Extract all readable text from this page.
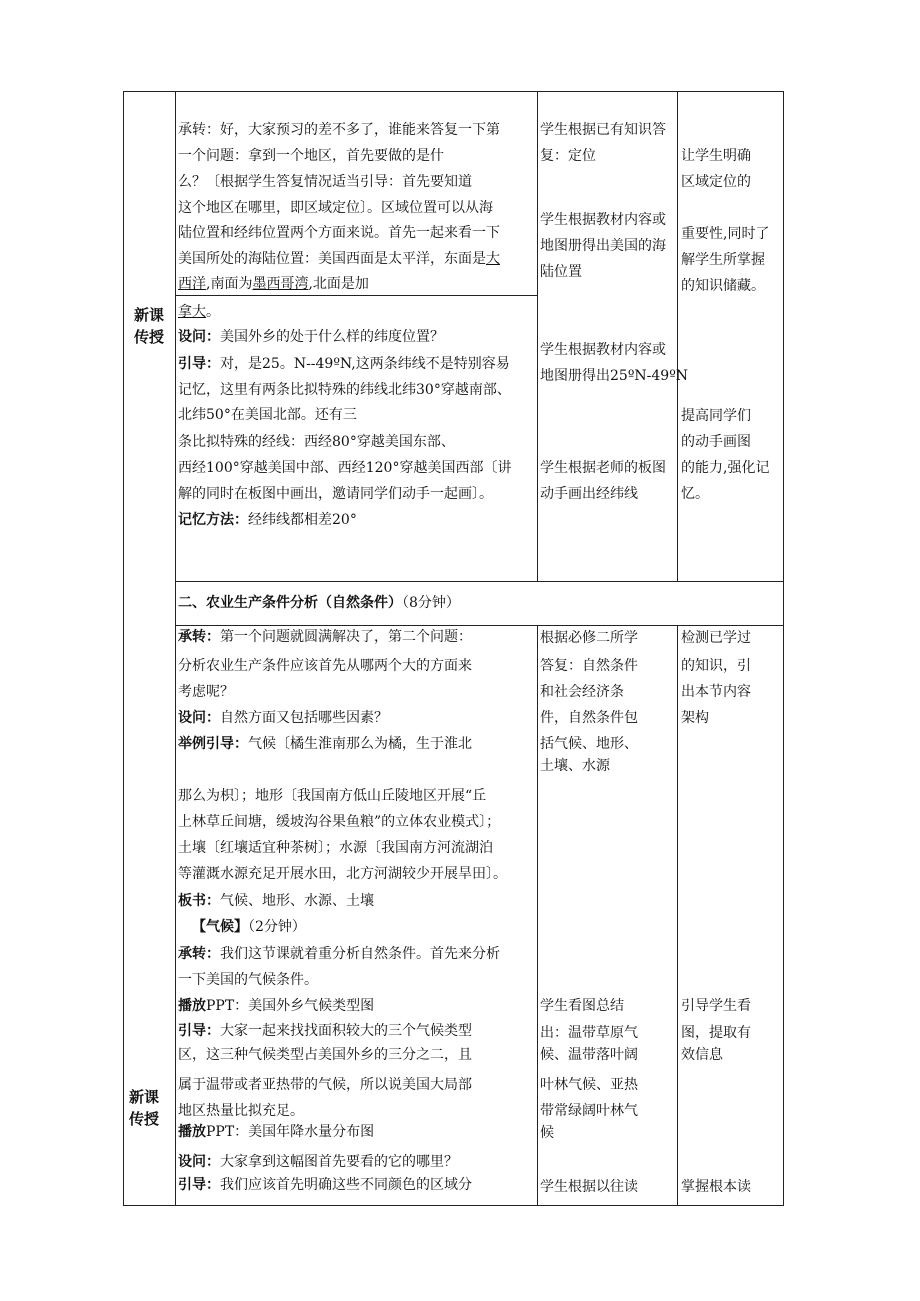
新课传授
新课传授
承转：好，大家预习的差不多了，谁能来答复一下第
一个问题：拿到一个地区，首先要做的是什
么？〔根据学生答复情况适当引导：首先要知道
这个地区在哪里，即区域定位〕。区域位置可以从海
陆位置和经纬位置两个方面来说。首先一起来看一下
美国所处的海陆位置：美国西面是太平洋，东面是大
西洋,南面为墨西哥湾,北面是加
拿大。
设问：美国外乡的处于什么样的纬度位置？
引导：对，是25。N--49ºN,这两条纬线不是特别容易
记忆，这里有两条比拟特殊的纬线北纬30°穿越南部、
北纬50°在美国北部。还有三
条比拟特殊的经线：西经80°穿越美国东部、
西经100°穿越美国中部、西经120°穿越美国西部〔讲
解的同时在板图中画出，邀请同学们动手一起画〕。
记忆方法：经纬线都相差20°
学生根据已有知识答
复：定位
学生根据教材内容或
地图册得出美国的海
陆位置
学生根据教材内容或
地图册得出25ºN-49ºN
学生根据老师的板图
动手画出经纬线
让学生明确
区域定位的
重要性,同时了
解学生所掌握
的知识储藏。
提高同学们
的动手画图
的能力,强化记
忆。
二、农业生产条件分析（自然条件）（8分钟）
承转：第一个问题就圆满解决了，第二个问题：
分析农业生产条件应该首先从哪两个大的方面来
考虑呢？
设问：自然方面又包括哪些因素？
举例引导：气候〔橘生淮南那么为橘，生于淮北
那么为枳〕；地形〔我国南方低山丘陵地区开展“丘
上林草丘间塘，缓坡沟谷果鱼粮”的立体农业模式〕；
土壤〔红壤适宜种茶树〕；水源〔我国南方河流湖泊
等灌溉水源充足开展水田，北方河湖较少开展旱田〕。
板书：气候、地形、水源、土壤
【气候】（2分钟）
承转：我们这节课就着重分析自然条件。首先来分析
一下美国的气候条件。
播放PPT：美国外乡气候类型图
引导：大家一起来找找面积较大的三个气候类型
区，这三种气候类型占美国外乡的三分之二，且
属于温带或者亚热带的气候，所以说美国大局部
地区热量比拟充足。
播放PPT：美国年降水量分布图
设问：大家拿到这幅图首先要看的它的哪里？
引导：我们应该首先明确这些不同颜色的区域分
根据必修二所学
答复：自然条件
和社会经济条
件，自然条件包
括气候、地形、
土壤、水源
学生看图总结
出：温带草原气
候、温带落叶阔
叶林气候、亚热
带常绿阔叶林气
候
学生根据以往读
检测已学过
的知识，引
出本节内容
架构
引导学生看
图，提取有
效信息
掌握根本读
